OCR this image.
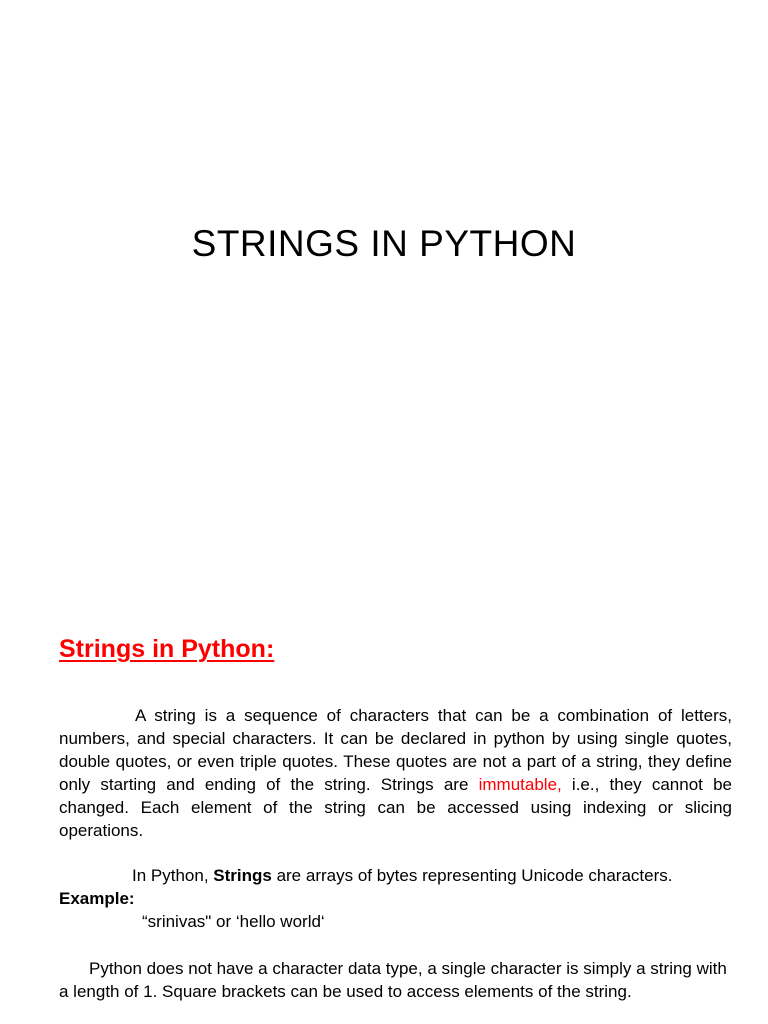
STRINGS IN PYTHON
Strings in Python:

A string is a sequence of characters that can be a combination of letters, numbers, and special characters. It can be declared in python by using single quotes, double quotes, or even triple quotes. These quotes are not a part of a string, they define only starting and ending of the string. Strings are immutable, i.e., they cannot be changed. Each element of the string can be accessed using indexing or slicing operations.

In Python, Strings are arrays of bytes representing Unicode characters.

Example:

“srinivas" or ‘hello world‘

Python does not have a character data type, a single character is simply a string with a length of 1. Square brackets can be used to access elements of the string.
